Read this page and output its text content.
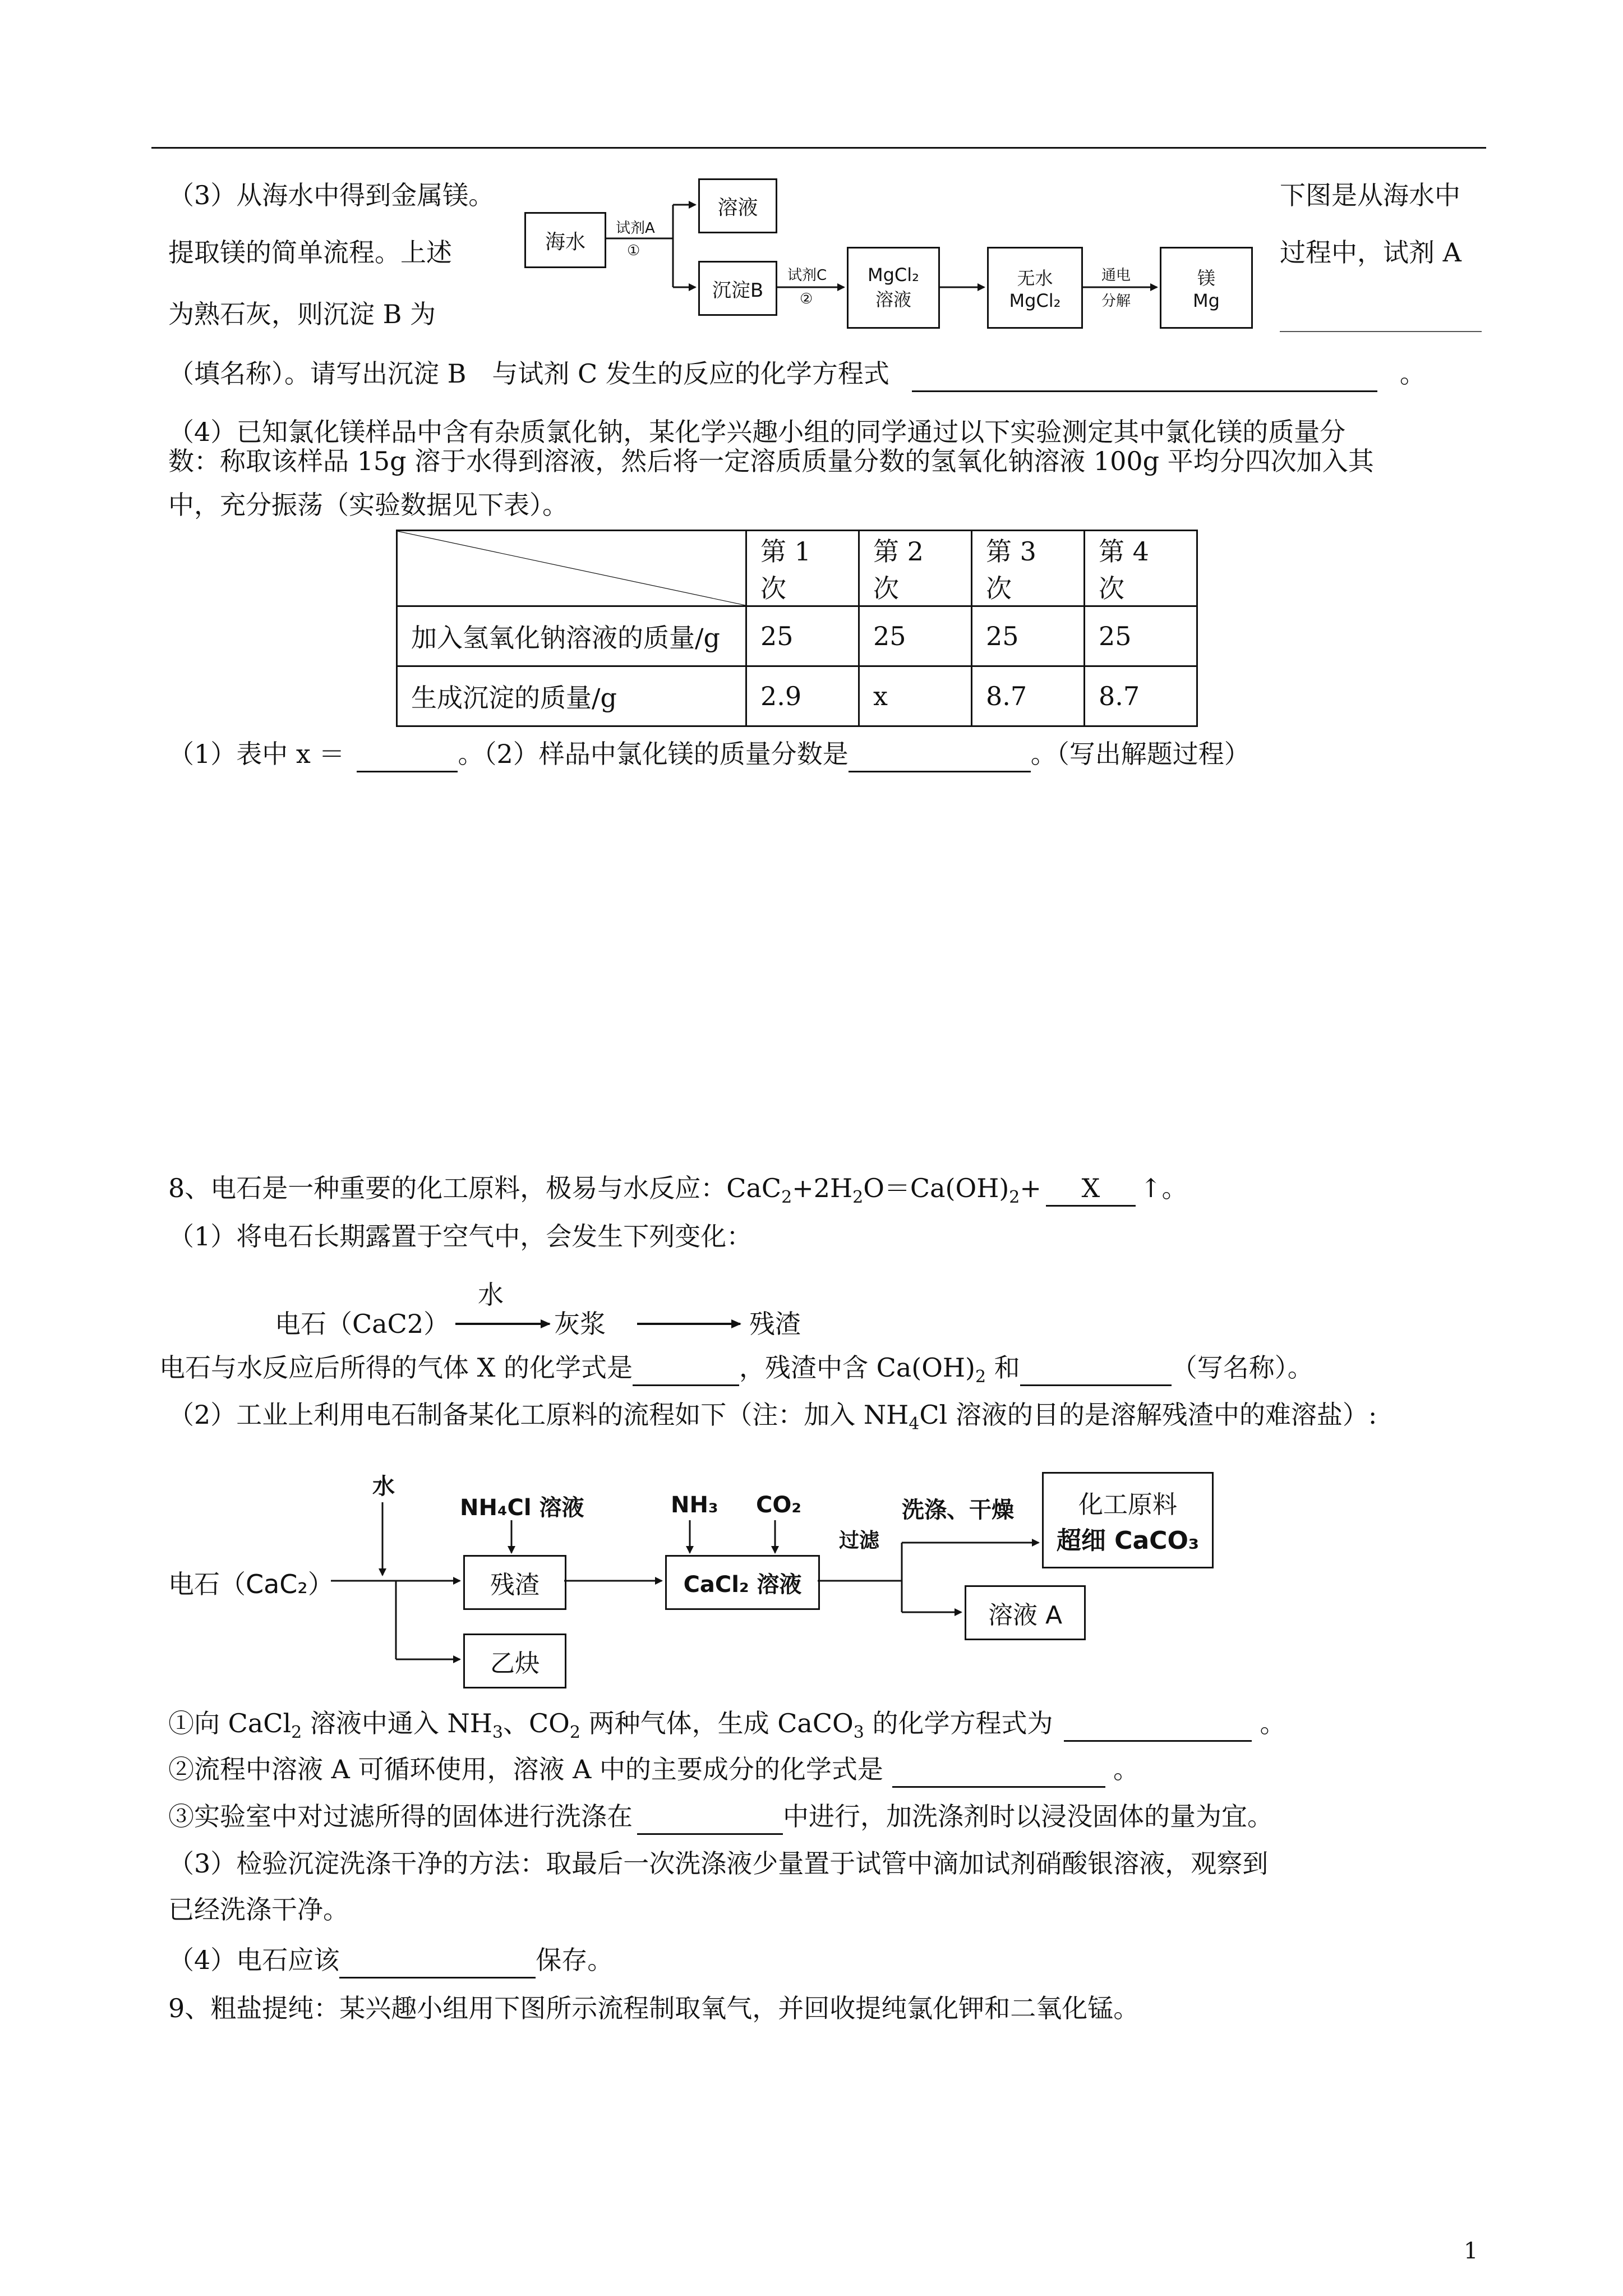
（3）从海水中得到金属镁。	下图是从海水中
提取镁的简单流程。上述	过程中，试剂 A
为熟石灰，则沉淀 B 为
（填名称）。请写出沉淀 B　与试剂 C 发生的反应的化学方程式	。
海水
溶液
沉淀B
MgCl₂
溶液
无水
MgCl₂
镁
Mg
试剂A
①
试剂C
②
通电
分解
（4）已知氯化镁样品中含有杂质氯化钠，某化学兴趣小组的同学通过以下实验测定其中氯化镁的质量分
数：称取该样品 15g 溶于水得到溶液，然后将一定溶质质量分数的氢氧化钠溶液 100g 平均分四次加入其
中，充分振荡（实验数据见下表）。
	第 1 次	第 2 次	第 3 次	第 4 次
加入氢氧化钠溶液的质量/g	25	25	25	25
生成沉淀的质量/g	2.9	x	8.7	8.7
（1）表中 x ＝	。（2）样品中氯化镁的质量分数是	。（写出解题过程）
8、电石是一种重要的化工原料，极易与水反应：$CaC_2+2H_2O=Ca(OH)_2+ X$ ↑。
（1）将电石长期露置于空气中，会发生下列变化：
电石（CaC2）
水
灰浆	残渣
电石与水反应后所得的气体 X 的化学式是	，残渣中含 $Ca(OH)_2$ 和	（写名称）。
（2）工业上利用电石制备某化工原料的流程如下（注：加入 $NH_4Cl$ 溶液的目的是溶解残渣中的难溶盐）:
水
电石（CaC₂）
NH₄Cl 溶液
残渣
乙炔
NH₃ CO₂
CaCl₂ 溶液
过滤
洗涤、干燥	化工原料
超细 CaCO₃
溶液 A
①向 CaCl$_2$ 溶液中通入 $NH_3$、$CO_2$ 两种气体，生成 CaCO$_3$ 的化学方程式为	。
②流程中溶液 A 可循环使用，溶液 A 中的主要成分的化学式是	。
③实验室中对过滤所得的固体进行洗涤在	中进行，加洗涤剂时以浸没固体的量为宜。
（3）检验沉淀洗涤干净的方法：取最后一次洗涤液少量置于试管中滴加试剂硝酸银溶液，观察到
已经洗涤干净。
（4）电石应该	保存。
9、粗盐提纯：某兴趣小组用下图所示流程制取氧气，并回收提纯氯化钾和二氧化锰。
1
